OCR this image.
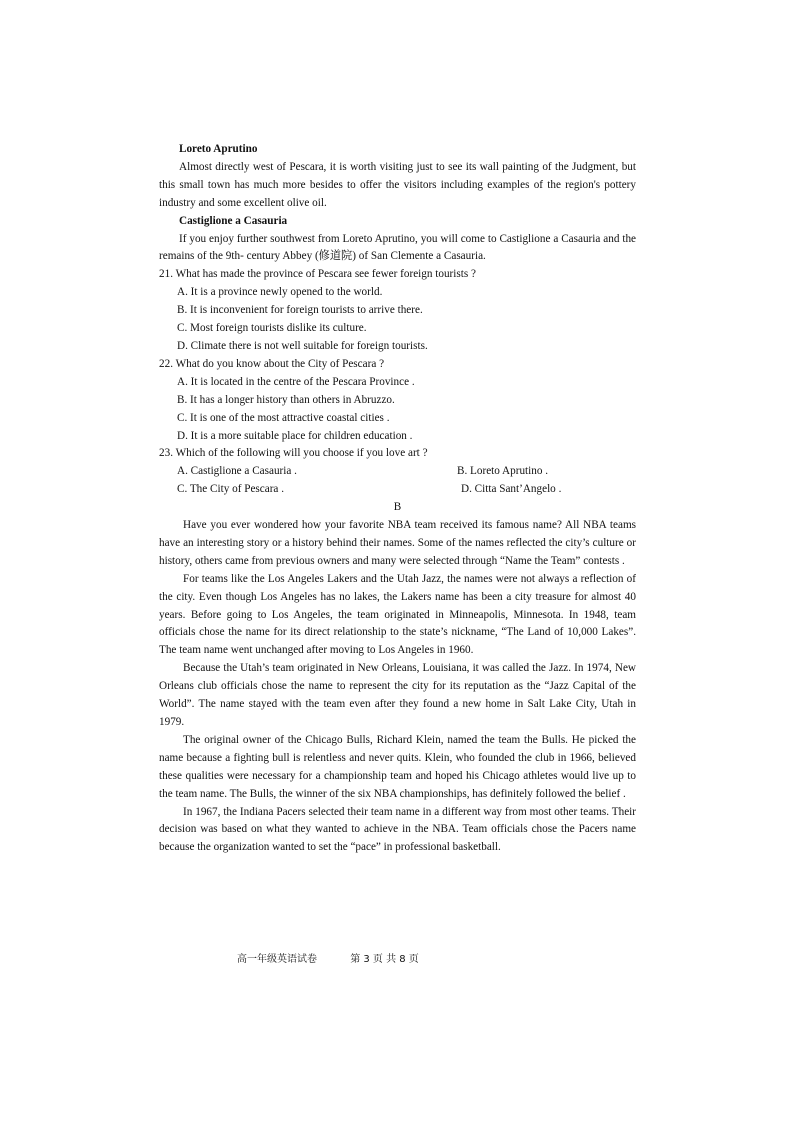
Loreto Aprutino
Almost directly west of Pescara, it is worth visiting just to see its wall painting of the Judgment, but this small town has much more besides to offer the visitors including examples of the region's pottery industry and some excellent olive oil.
Castiglione a Casauria
If you enjoy further southwest from Loreto Aprutino, you will come to Castiglione a Casauria and the remains of the 9th- century Abbey (修道院) of San Clemente a Casauria.
21. What has made the province of Pescara see fewer foreign tourists ?
A. It is a province newly opened to the world.
B. It is inconvenient for foreign tourists to arrive there.
C. Most foreign tourists dislike its culture.
D. Climate there is not well suitable for foreign tourists.
22. What do you know about the City of Pescara ?
A. It is located in the centre of the Pescara Province .
B. It has a longer history than others in Abruzzo.
C. It is one of the most attractive coastal cities .
D. It is a more suitable place for children education .
23. Which of the following will you choose if you love art ?
A. Castiglione a Casauria .	B. Loreto Aprutino .
C. The City of Pescara .	D. Citta Sant’Angelo .
B
Have you ever wondered how your favorite NBA team received its famous name? All NBA teams have an interesting story or a history behind their names. Some of the names reflected the city’s culture or history, others came from previous owners and many were selected through “Name the Team” contests .
For teams like the Los Angeles Lakers and the Utah Jazz, the names were not always a reflection of the city. Even though Los Angeles has no lakes, the Lakers name has been a city treasure for almost 40 years. Before going to Los Angeles, the team originated in Minneapolis, Minnesota. In 1948, team officials chose the name for its direct relationship to the state’s nickname, “The Land of 10,000 Lakes”. The team name went unchanged after moving to Los Angeles in 1960.
Because the Utah’s team originated in New Orleans, Louisiana, it was called the Jazz. In 1974, New Orleans club officials chose the name to represent the city for its reputation as the “Jazz Capital of the World”. The name stayed with the team even after they found a new home in Salt Lake City, Utah in 1979.
The original owner of the Chicago Bulls, Richard Klein, named the team the Bulls. He picked the name because a fighting bull is relentless and never quits. Klein, who founded the club in 1966, believed these qualities were necessary for a championship team and hoped his Chicago athletes would live up to the team name. The Bulls, the winner of the six NBA championships, has definitely followed the belief .
In 1967, the Indiana Pacers selected their team name in a different way from most other teams. Their decision was based on what they wanted to achieve in the NBA. Team officials chose the Pacers name because the organization wanted to set the “pace” in professional basketball.
高一年级英语试卷	第 3 页 共 8 页
